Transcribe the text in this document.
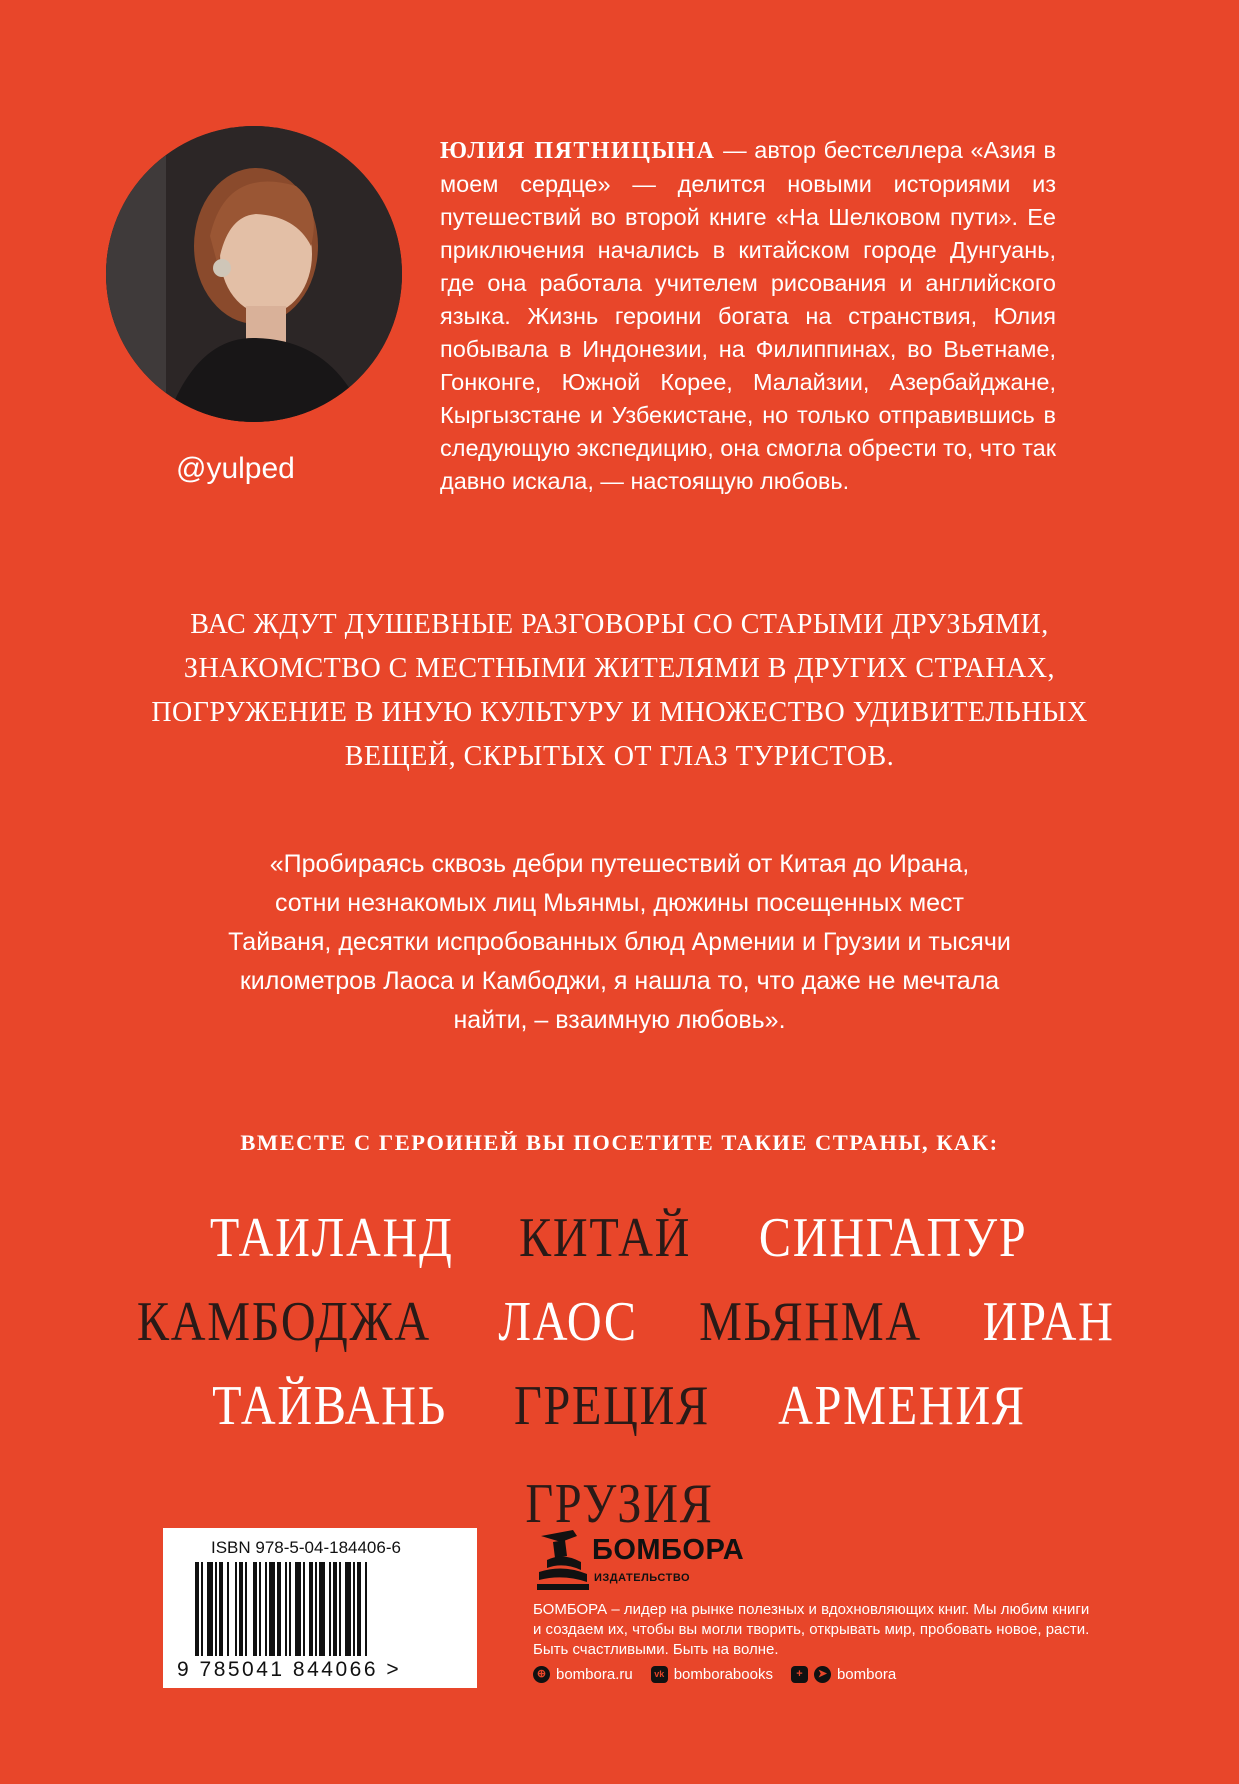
@yulped
ЮЛИЯ ПЯТНИЦЫНА — автор бестселлера «Азия в моем сердце» — делится новыми историями из путешествий во второй книге «На Шелковом пути». Ее приключения начались в китайском городе Дунгуань, где она работала учителем рисования и английского языка. Жизнь героини богата на странствия, Юлия побывала в Индонезии, на Филиппинах, во Вьетнаме, Гонконге, Южной Корее, Малайзии, Азербайджане, Кыргызстане и Узбекистане, но только отправившись в следующую экспедицию, она смогла обрести то, что так давно искала, — настоящую любовь.
ВАС ЖДУТ ДУШЕВНЫЕ РАЗГОВОРЫ СО СТАРЫМИ ДРУЗЬЯМИ,
ЗНАКОМСТВО С МЕСТНЫМИ ЖИТЕЛЯМИ В ДРУГИХ СТРАНАХ,
ПОГРУЖЕНИЕ В ИНУЮ КУЛЬТУРУ И МНОЖЕСТВО УДИВИТЕЛЬНЫХ
ВЕЩЕЙ, СКРЫТЫХ ОТ ГЛАЗ ТУРИСТОВ.
«Пробираясь сквозь дебри путешествий от Китая до Ирана,
сотни незнакомых лиц Мьянмы, дюжины посещенных мест
Тайваня, десятки испробованных блюд Армении и Грузии и тысячи
километров Лаоса и Камбоджи, я нашла то, что даже не мечтала
найти, – взаимную любовь».
ВМЕСТЕ С ГЕРОИНЕЙ ВЫ ПОСЕТИТЕ ТАКИЕ СТРАНЫ, КАК:
ТАИЛАНД КИТАЙ СИНГАПУР
КАМБОДЖА ЛАОС МЬЯНМА ИРАН
ТАЙВАНЬ ГРЕЦИЯ АРМЕНИЯ ГРУЗИЯ
ISBN 978-5-04-184406-6
9 785041 844066 >
БОМБОРА
ИЗДАТЕЛЬСТВО
БОМБОРА – лидер на рынке полезных и вдохновляющих книг. Мы любим книги и создаем их, чтобы вы могли творить, открывать мир, пробовать новое, расти. Быть счастливыми. Быть на волне.
⊕ bombora.ru	vk bomborabooks	+	➤ bombora
